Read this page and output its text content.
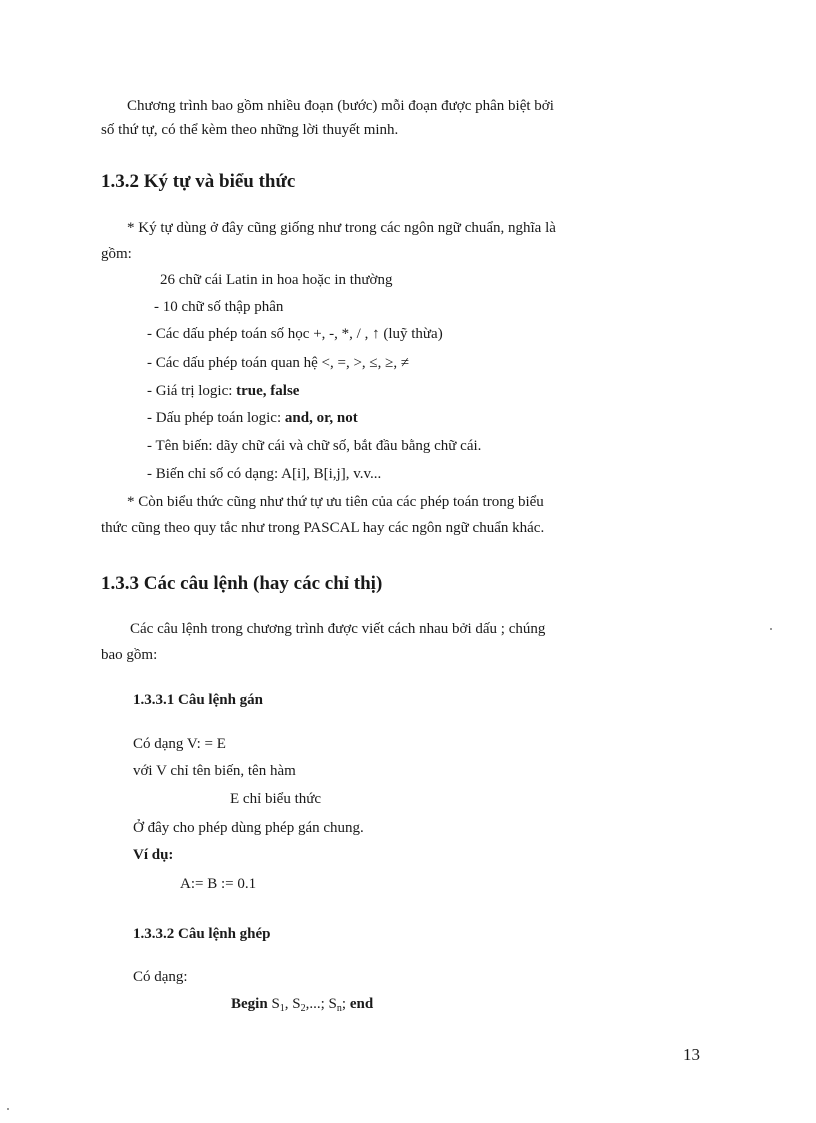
Chương trình bao gồm nhiều đoạn (bước) mỗi đoạn được phân biệt bởi
số thứ tự, có thể kèm theo những lời thuyết minh.
1.3.2 Ký tự và biểu thức
* Ký tự dùng ở đây cũng giống như trong các ngôn ngữ chuẩn, nghĩa là
gồm:
26 chữ cái Latin in hoa hoặc in thường
- 10 chữ số thập phân
- Các dấu phép toán số học +, -, *, / , ↑ (luỹ thừa)
- Các dấu phép toán quan hệ <, =, >, ≤, ≥, ≠
- Giá trị logic: true, false
- Dấu phép toán logic: and, or, not
- Tên biến: dãy chữ cái và chữ số, bắt đầu bằng chữ cái.
- Biến chỉ số có dạng: A[i], B[i,j], v.v...
* Còn biểu thức cũng như thứ tự ưu tiên của các phép toán trong biểu
thức cũng theo quy tắc như trong PASCAL hay các ngôn ngữ chuẩn khác.
1.3.3 Các câu lệnh (hay các chỉ thị)
Các câu lệnh trong chương trình được viết cách nhau bởi dấu ; chúng
bao gồm:
1.3.3.1 Câu lệnh gán
Có dạng V: = E
với V chỉ tên biến, tên hàm
E chỉ biểu thức
Ở đây cho phép dùng phép gán chung.
Ví dụ:
A:= B := 0.1
1.3.3.2 Câu lệnh ghép
Có dạng:
Begin $S_1$, $S_2$,...; $S_n$; end
13
